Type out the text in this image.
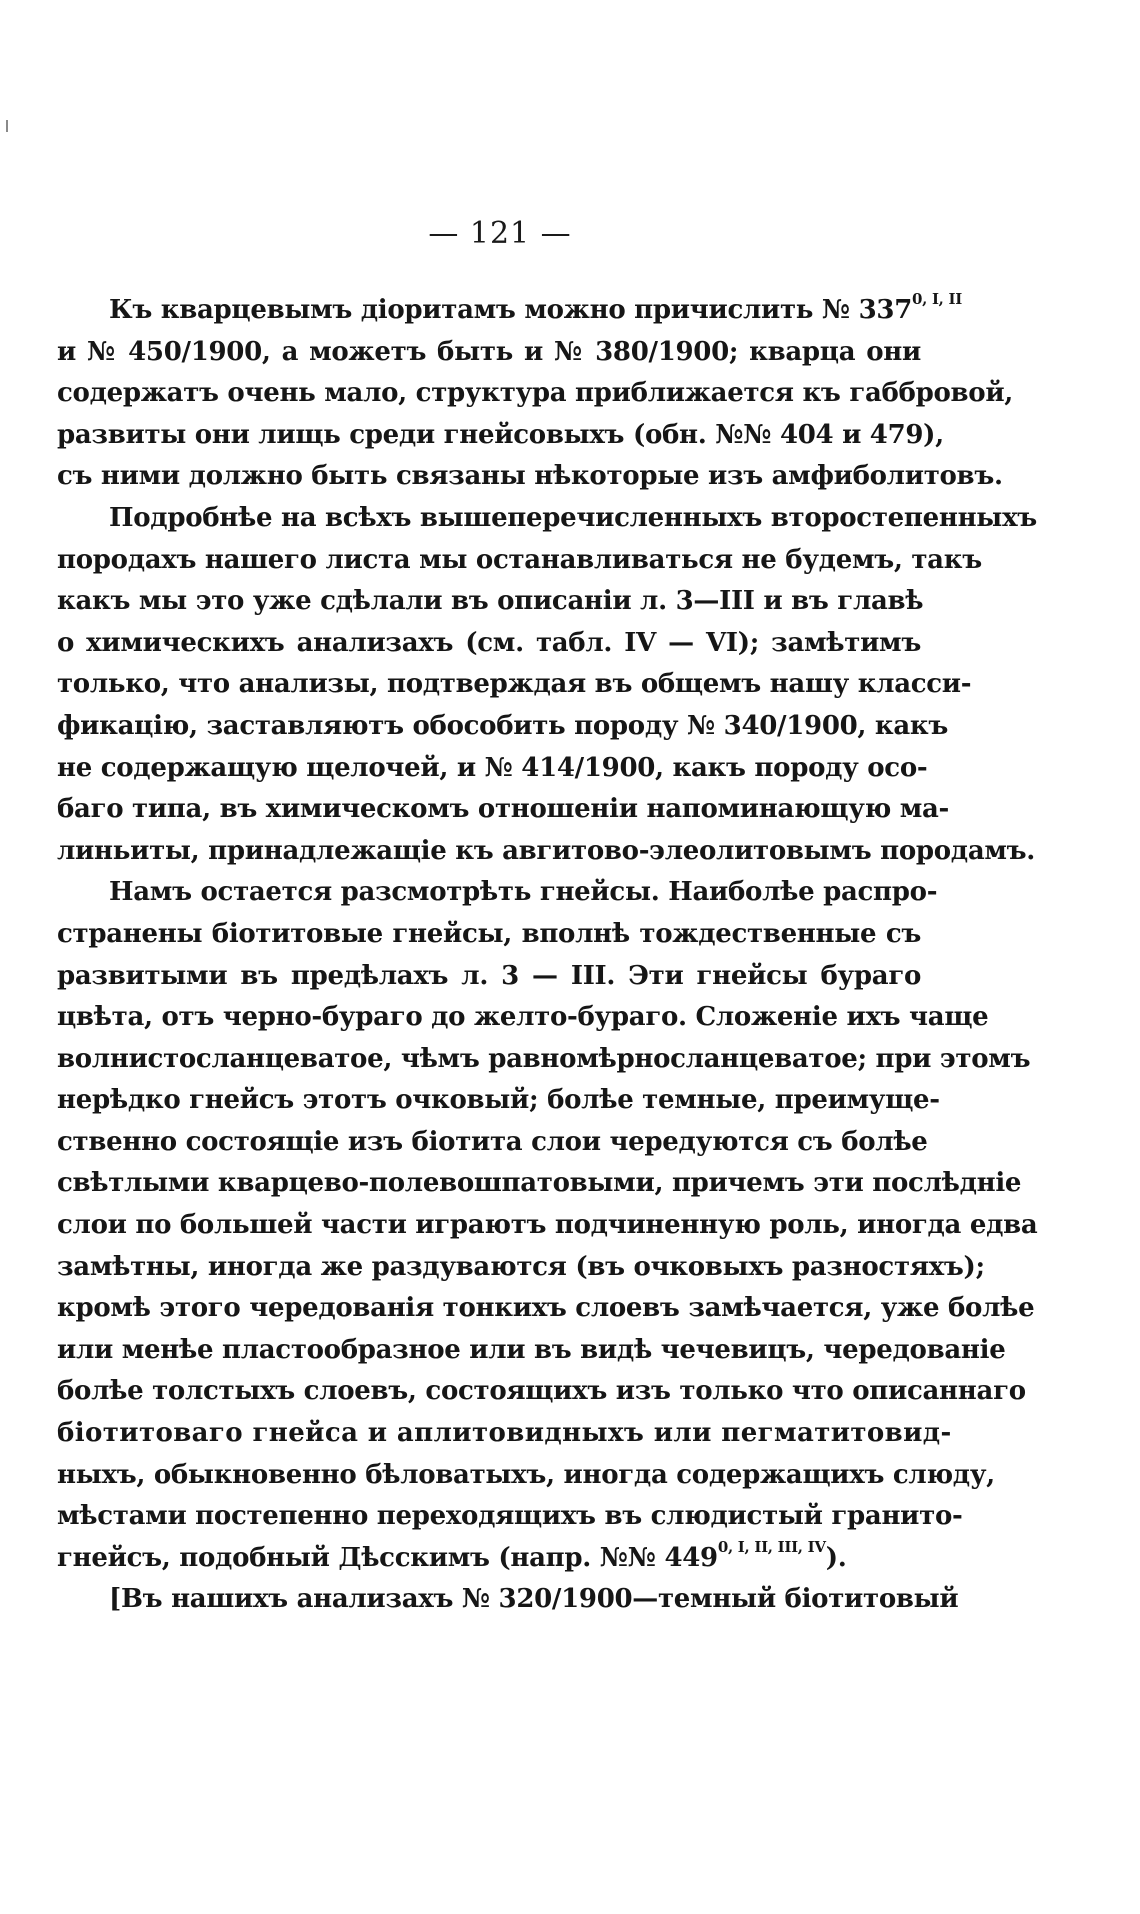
— 121 —
Къ кварцевымъ діоритамъ можно причислить № $337^{0, I, II}$
и № 450/1900, а можетъ быть и № 380/1900; кварца они
содержатъ очень мало, структура приближается къ габбровой,
развиты они лищь среди гнейсовыхъ (обн. №№ 404 и 479),
съ ними должно быть связаны нѣкоторые изъ амфиболитовъ.
Подробнѣе на всѣхъ вышеперечисленныхъ второстепенныхъ
породахъ нашего листа мы останавливаться не будемъ, такъ
какъ мы это уже сдѣлали въ описаніи л. 3—III и въ главѣ
о химическихъ анализахъ (см. табл. IV — VI); замѣтимъ
только, что анализы, подтверждая въ общемъ нашу класси-
фикацію, заставляютъ обособить породу № 340/1900, какъ
не содержащую щелочей, и № 414/1900, какъ породу осо-
баго типа, въ химическомъ отношеніи напоминающую ма-
линьиты, принадлежащіе къ авгитово-элеолитовымъ породамъ.
Намъ остается разсмотрѣть гнейсы. Наиболѣе распро-
странены біотитовые гнейсы, вполнѣ тождественные съ
развитыми въ предѣлахъ л. 3 — III. Эти гнейсы бураго
цвѣта, отъ черно-бураго до желто-бураго. Сложеніе ихъ чаще
волнистосланцеватое, чѣмъ равномѣрносланцеватое; при этомъ
нерѣдко гнейсъ этотъ очковый; болѣе темные, преимуще-
ственно состоящіе изъ біотита слои чередуются съ болѣе
свѣтлыми кварцево-полевошпатовыми, причемъ эти послѣдніе
слои по большей части играютъ подчиненную роль, иногда едва
замѣтны, иногда же раздуваются (въ очковыхъ разностяхъ);
кромѣ этого чередованія тонкихъ слоевъ замѣчается, уже болѣе
или менѣе пластообразное или въ видѣ чечевицъ, чередованіе
болѣе толстыхъ слоевъ, состоящихъ изъ только что описаннаго
біотитоваго гнейса и аплитовидныхъ или пегматитовид-
ныхъ, обыкновенно бѣловатыхъ, иногда содержащихъ слюду,
мѣстами постепенно переходящихъ въ слюдистый гранито-
гнейсъ, подобный Дѣсскимъ (напр. №№ $449^{0, I, II, III, IV}$).
[Въ нашихъ анализахъ № 320/1900—темный біотитовый
